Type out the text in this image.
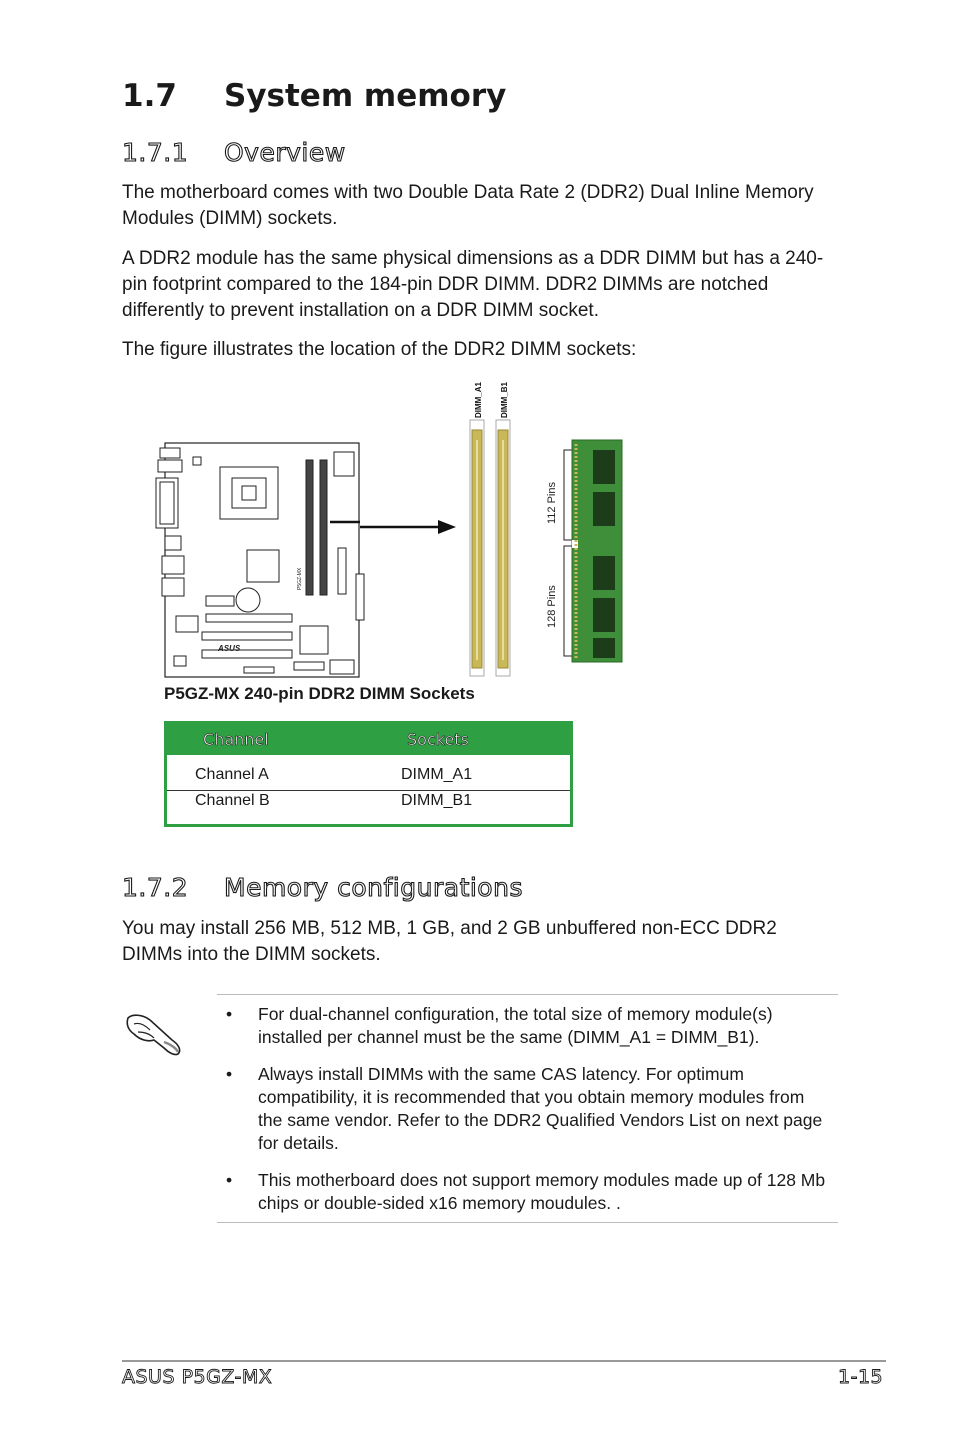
1.7 System memory
1.7.1 Overview
The motherboard comes with two Double Data Rate 2 (DDR2) Dual Inline Memory Modules (DIMM) sockets.
A DDR2 module has the same physical dimensions as a DDR DIMM but has a 240-pin footprint compared to the 184-pin DDR DIMM. DDR2 DIMMs are notched differently to prevent installation on a DDR DIMM socket.
The figure illustrates the location of the DDR2 DIMM sockets:
P5GZ-MX
ASUS
DIMM_A1 DIMM_B1
112 Pins
128 Pins
P5GZ-MX 240-pin DDR2 DIMM Sockets
Channel	Sockets
Channel A	DIMM_A1
Channel B	DIMM_B1
1.7.2 Memory configurations
You may install 256 MB, 512 MB, 1 GB, and 2 GB unbuffered non-ECC DDR2 DIMMs into the DIMM sockets.
• For dual-channel configuration, the total size of memory module(s) installed per channel must be the same (DIMM_A1 = DIMM_B1).
• Always install DIMMs with the same CAS latency. For optimum compatibility, it is recommended that you obtain memory modules from the same vendor. Refer to the DDR2 Qualified Vendors List on next page for details.
• This motherboard does not support memory modules made up of 128 Mb chips or double-sided x16 memory moudules. .
ASUS P5GZ-MX	1-15
